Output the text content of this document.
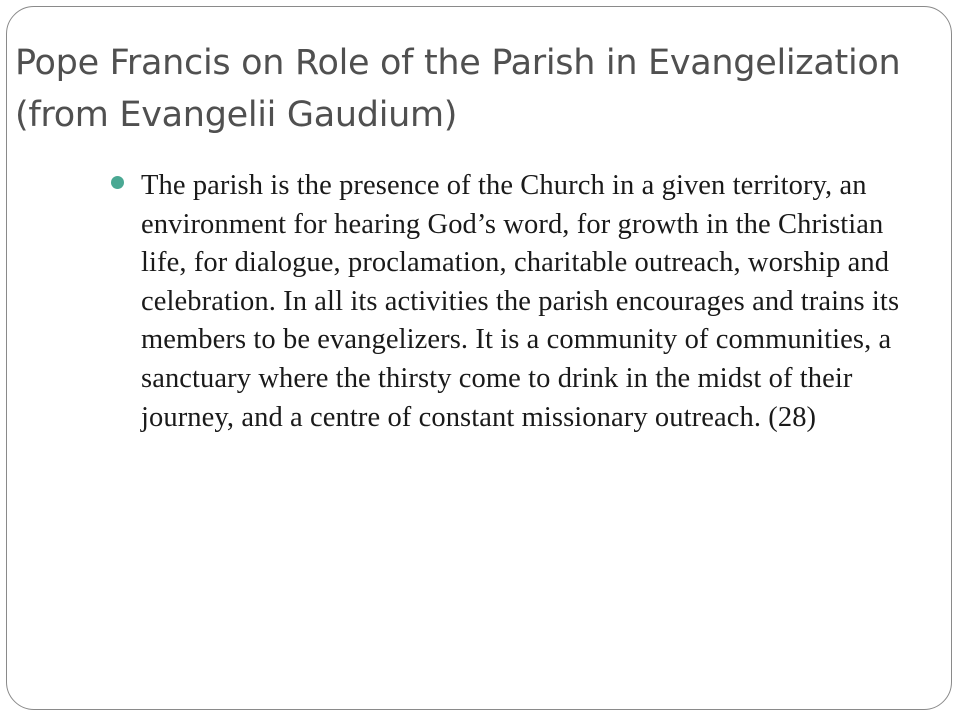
Pope Francis on Role of the Parish in Evangelization (from Evangelii Gaudium)

The parish is the presence of the Church in a given territory, an environment for hearing God’s word, for growth in the Christian life, for dialogue, proclamation, charitable outreach, worship and celebration. In all its activities the parish encourages and trains its members to be evangelizers. It is a community of communities, a sanctuary where the thirsty come to drink in the midst of their journey, and a centre of constant missionary outreach. (28)
